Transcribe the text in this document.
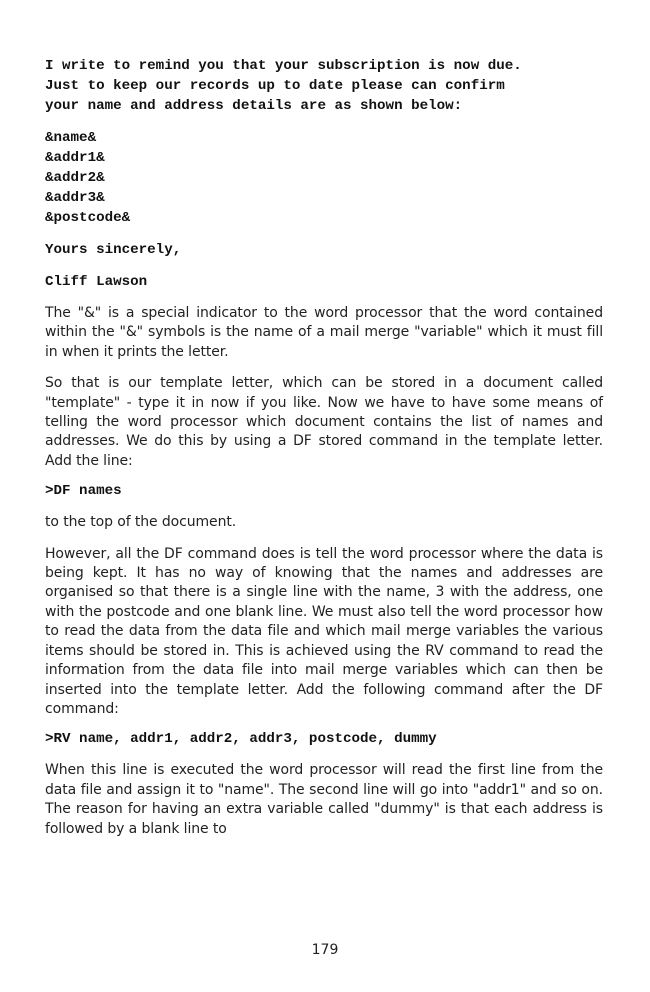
I write to remind you that your subscription is now due.
Just to keep our records up to date please can confirm
your name and address details are as shown below:
&name&
&addr1&
&addr2&
&addr3&
&postcode&
Yours sincerely,
Cliff Lawson

The "&" is a special indicator to the word processor that the word contained within the "&" symbols is the name of a mail merge "variable" which it must fill in when it prints the letter.

So that is our template letter, which can be stored in a document called "template" - type it in now if you like. Now we have to have some means of telling the word processor which document contains the list of names and addresses. We do this by using a DF stored command in the template letter. Add the line:

>DF names

to the top of the document.

However, all the DF command does is tell the word processor where the data is being kept. It has no way of knowing that the names and addresses are organised so that there is a single line with the name, 3 with the address, one with the postcode and one blank line. We must also tell the word processor how to read the data from the data file and which mail merge variables the various items should be stored in. This is achieved using the RV command to read the information from the data file into mail merge variables which can then be inserted into the template letter. Add the following command after the DF command:

>RV name, addr1, addr2, addr3, postcode, dummy

When this line is executed the word processor will read the first line from the data file and assign it to "name". The second line will go into "addr1" and so on. The reason for having an extra variable called "dummy" is that each address is followed by a blank line to

179
